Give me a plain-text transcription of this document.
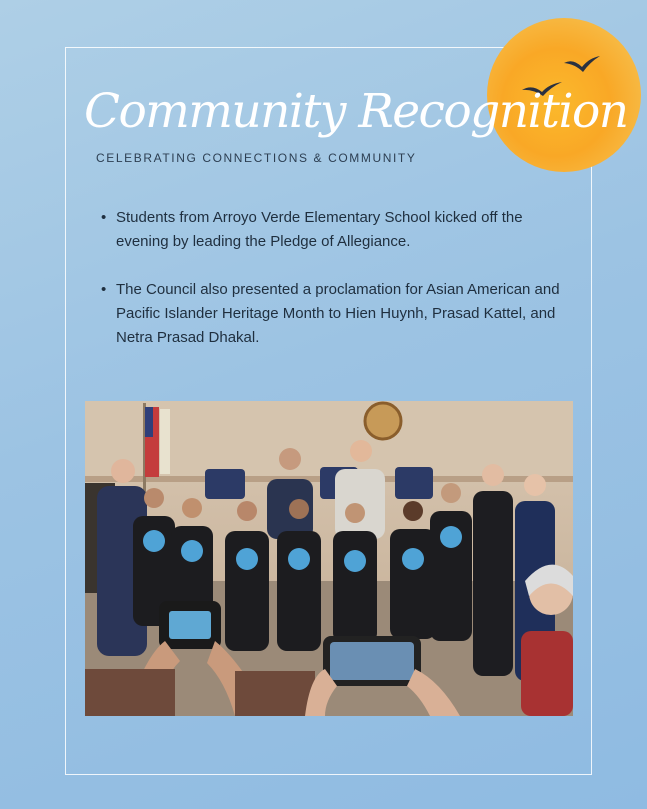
Community Recognition

CELEBRATING CONNECTIONS & COMMUNITY

• Students from Arroyo Verde Elementary School kicked off the evening by leading the Pledge of Allegiance.
• The Council also presented a proclamation for Asian American and Pacific Islander Heritage Month to Hien Huynh, Prasad Kattel, and Netra Prasad Dhakal.
